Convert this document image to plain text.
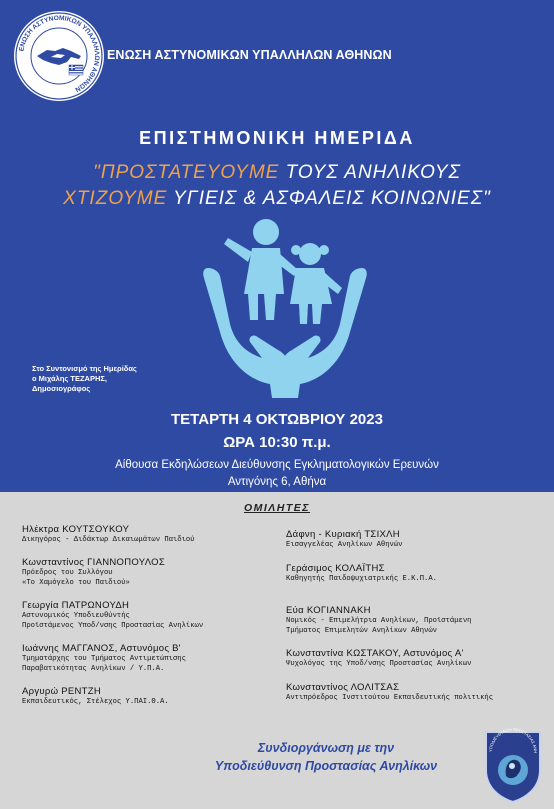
ΕΝΩΣΗ ΑΣΤΥΝΟΜΙΚΩΝ ΥΠΑΛΛΗΛΩΝ ΑΘΗΝΩΝ
ΕΝΩΣΗ ΑΣΤΥΝΟΜΙΚΩΝ ΥΠΑΛΛΗΛΩΝ ΑΘΗΝΩΝ
ΕΠΙΣΤΗΜΟΝΙΚΗ ΗΜΕΡΙΔΑ
"ΠΡΟΣΤΑΤΕΥΟΥΜΕ ΤΟΥΣ ΑΝΗΛΙΚΟΥΣ
ΧΤΙΖΟΥΜΕ ΥΓΙΕΙΣ & ΑΣΦΑΛΕΙΣ ΚΟΙΝΩΝΙΕΣ"
Στο Συντονισμό της Ημερίδας
ο Μιχάλης ΤΕΖΑΡΗΣ,
Δημοσιογράφος
ΤΕΤΑΡΤΗ 4 ΟΚΤΩΒΡΙΟΥ 2023
ΩΡΑ 10:30 π.μ.
Αίθουσα Εκδηλώσεων Διεύθυνσης Εγκληματολογικών Ερευνών
Αντιγόνης 6, Αθήνα
ΟΜΙΛΗΤΕΣ
Ηλέκτρα ΚΟΥΤΣΟΥΚΟΥ
Δικηγόρος - Διδάκτωρ Δικαιωμάτων Παιδιού
Κωνσταντίνος ΓΙΑΝΝΟΠΟΥΛΟΣ
Πρόεδρος του Συλλόγου
«Το Χαμόγελο του Παιδιού»
Γεωργία ΠΑΤΡΩΝΟΥΔΗ
Αστυνομικός Υποδιευθύντής
Προϊστάμενος Υποδ/νσης Προστασίας Ανηλίκων
Ιωάννης ΜΑΓΓΑΝΟΣ, Αστυνόμος Β'
Τμηματάρχης του Τμήματος Αντιμετώπισης
Παραβατικότητας Ανηλίκων / Υ.Π.Α.
Αργυρώ ΡΕΝΤΖΗ
Εκπαιδευτικός, Στέλεχος Υ.ΠΑΙ.Θ.Α.
Δάφνη - Κυριακή ΤΣΙΧΛΗ
Εισαγγελέας Ανηλίκων Αθηνών
Γεράσιμος ΚΟΛΑΪΤΗΣ
Καθηγητής Παιδοψυχιατρικής Ε.Κ.Π.Α.
Εύα ΚΟΓΙΑΝΝΑΚΗ
Νομικός - Επιμελήτρια Ανηλίκων, Προϊστάμενη
Τμήματος Επιμελητών Ανηλίκων Αθηνών
Κωνσταντίνα ΚΩΣΤΑΚΟΥ, Αστυνόμος Α'
Ψυχολόγος της Υποδ/νσης Προστασίας Ανηλίκων
Κωνσταντίνος ΛΟΛΙΤΣΑΣ
Αντιπρόεδρος Ινστιτούτου Εκπαιδευτικής πολιτικής
Συνδιοργάνωση με την
Υποδιεύθυνση Προστασίας Ανηλίκων
ΥΠΟΔΙΕΥΘΥΝΣΗ ΠΡΟΣΤΑΣΙΑΣ ΑΝΗ
